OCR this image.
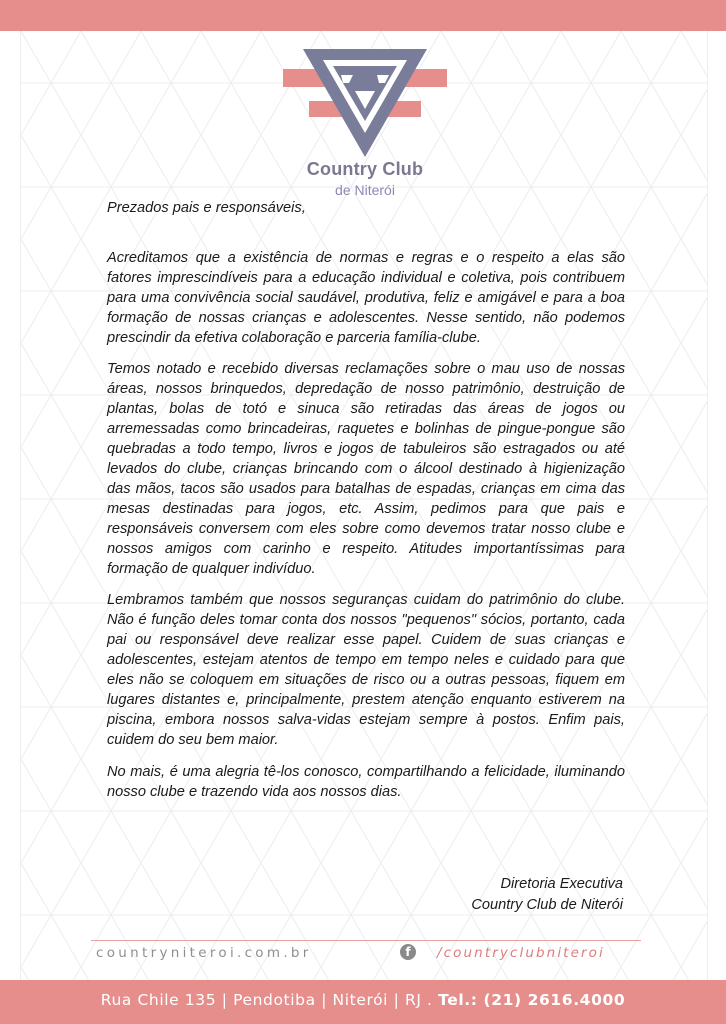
Country Club
de Niterói

Prezados pais e responsáveis,

Acreditamos que a existência de normas e regras e o respeito a elas são fatores imprescindíveis para a educação individual e coletiva, pois contribuem para uma convivência social saudável, produtiva, feliz e amigável e para a boa formação de nossas crianças e adolescentes. Nesse sentido, não podemos prescindir da efetiva colaboração e parceria família-clube.

Temos notado e recebido diversas reclamações sobre o mau uso de nossas áreas, nossos brinquedos, depredação de nosso patrimônio, destruição de plantas, bolas de totó e sinuca são retiradas das áreas de jogos ou arremessadas como brincadeiras, raquetes e bolinhas de pingue-pongue são quebradas a todo tempo, livros e jogos de tabuleiros são estragados ou até levados do clube, crianças brincando com o álcool destinado à higienização das mãos, tacos são usados para batalhas de espadas, crianças em cima das mesas destinadas para jogos, etc. Assim, pedimos para que pais e responsáveis conversem com eles sobre como devemos tratar nosso clube e nossos amigos com carinho e respeito. Atitudes importantíssimas para formação de qualquer indivíduo.

Lembramos também que nossos seguranças cuidam do patrimônio do clube. Não é função deles tomar conta dos nossos "pequenos" sócios, portanto, cada pai ou responsável deve realizar esse papel. Cuidem de suas crianças e adolescentes, estejam atentos de tempo em tempo neles e cuidado para que eles não se coloquem em situações de risco ou a outras pessoas, fiquem em lugares distantes e, principalmente, prestem atenção enquanto estiverem na piscina, embora nossos salva-vidas estejam sempre à postos. Enfim pais, cuidem do seu bem maior.

No mais, é uma alegria tê-los conosco, compartilhando a felicidade, iluminando nosso clube e trazendo vida aos nossos dias.

Diretoria Executiva
Country Club de Niterói
countryniteroi.com.br	f	/countryclubniteroi
Rua Chile 135 | Pendotiba | Niterói | RJ . Tel.: (21) 2616.4000
